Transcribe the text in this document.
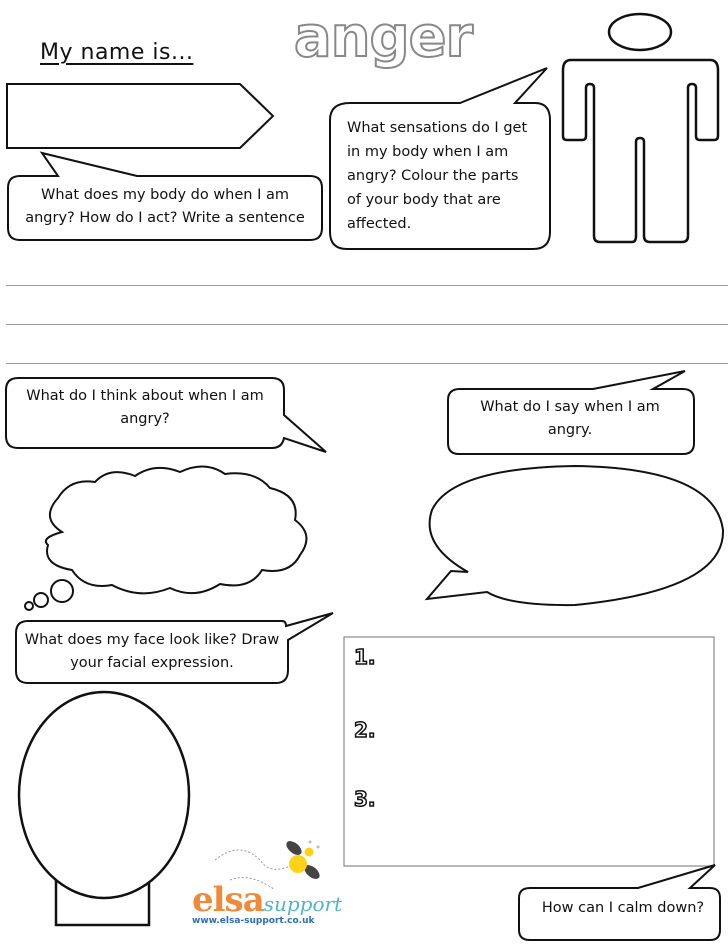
anger
My name is...
What does my body do when I am angry? How do I act? Write a sentence
What sensations do I get in my body when I am angry? Colour the parts of your body that are affected.
What do I think about when I am angry?
What do I say when I am angry.
What does my face look like? Draw your facial expression.	1.
2.
3.
How can I calm down?
elsasupport
www.elsa-support.co.uk
